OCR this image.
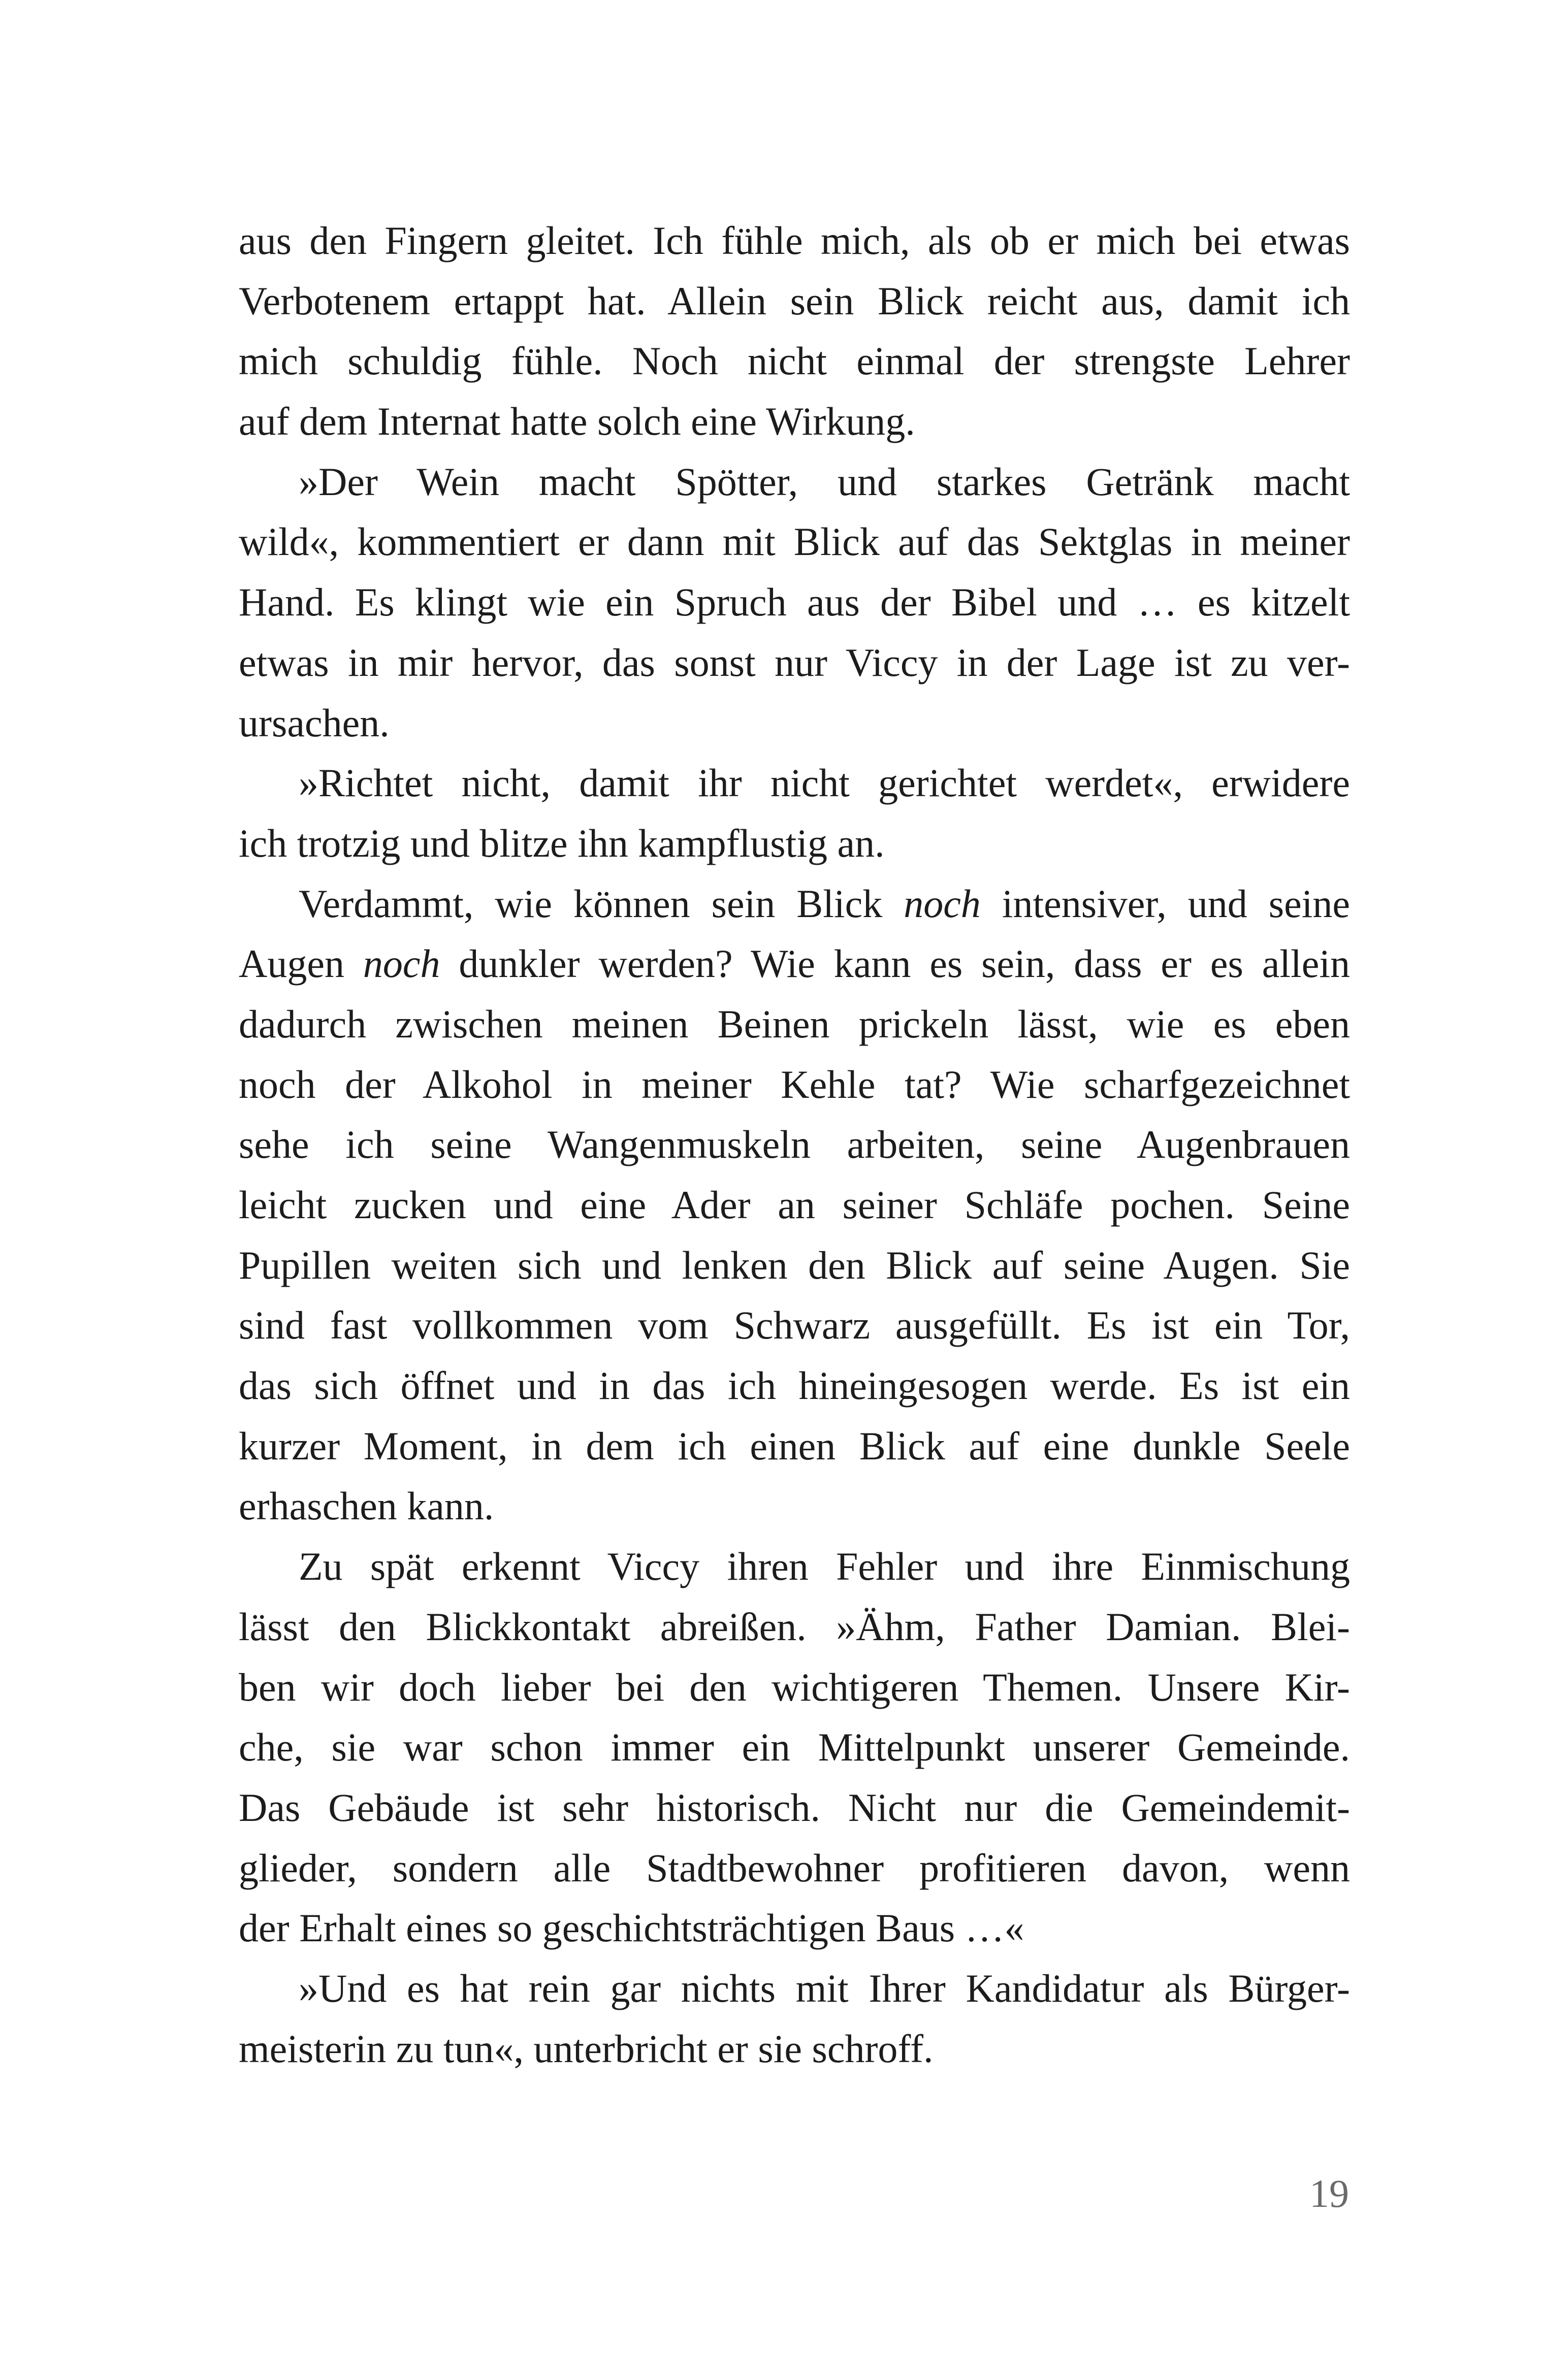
aus den Fingern gleitet. Ich fühle mich, als ob er mich bei etwas
Verbotenem ertappt hat. Allein sein Blick reicht aus, damit ich
mich schuldig fühle. Noch nicht einmal der strengste Lehrer
auf dem Internat hatte solch eine Wirkung.
»Der Wein macht Spötter, und starkes Getränk macht
wild«, kommentiert er dann mit Blick auf das Sektglas in meiner
Hand. Es klingt wie ein Spruch aus der Bibel und … es kitzelt
etwas in mir hervor, das sonst nur Viccy in der Lage ist zu ver-
ursachen.
»Richtet nicht, damit ihr nicht gerichtet werdet«, erwidere
ich trotzig und blitze ihn kampflustig an.
Verdammt, wie können sein Blick noch intensiver, und seine
Augen noch dunkler werden? Wie kann es sein, dass er es allein
dadurch zwischen meinen Beinen prickeln lässt, wie es eben
noch der Alkohol in meiner Kehle tat? Wie scharfgezeichnet
sehe ich seine Wangenmuskeln arbeiten, seine Augenbrauen
leicht zucken und eine Ader an seiner Schläfe pochen. Seine
Pupillen weiten sich und lenken den Blick auf seine Augen. Sie
sind fast vollkommen vom Schwarz ausgefüllt. Es ist ein Tor,
das sich öffnet und in das ich hineingesogen werde. Es ist ein
kurzer Moment, in dem ich einen Blick auf eine dunkle Seele
erhaschen kann.
Zu spät erkennt Viccy ihren Fehler und ihre Einmischung
lässt den Blickkontakt abreißen. »Ähm, Father Damian. Blei-
ben wir doch lieber bei den wichtigeren Themen. Unsere Kir-
che, sie war schon immer ein Mittelpunkt unserer Gemeinde.
Das Gebäude ist sehr historisch. Nicht nur die Gemeindemit-
glieder, sondern alle Stadtbewohner profitieren davon, wenn
der Erhalt eines so geschichtsträchtigen Baus …«
»Und es hat rein gar nichts mit Ihrer Kandidatur als Bürger-
meisterin zu tun«, unterbricht er sie schroff.
19
